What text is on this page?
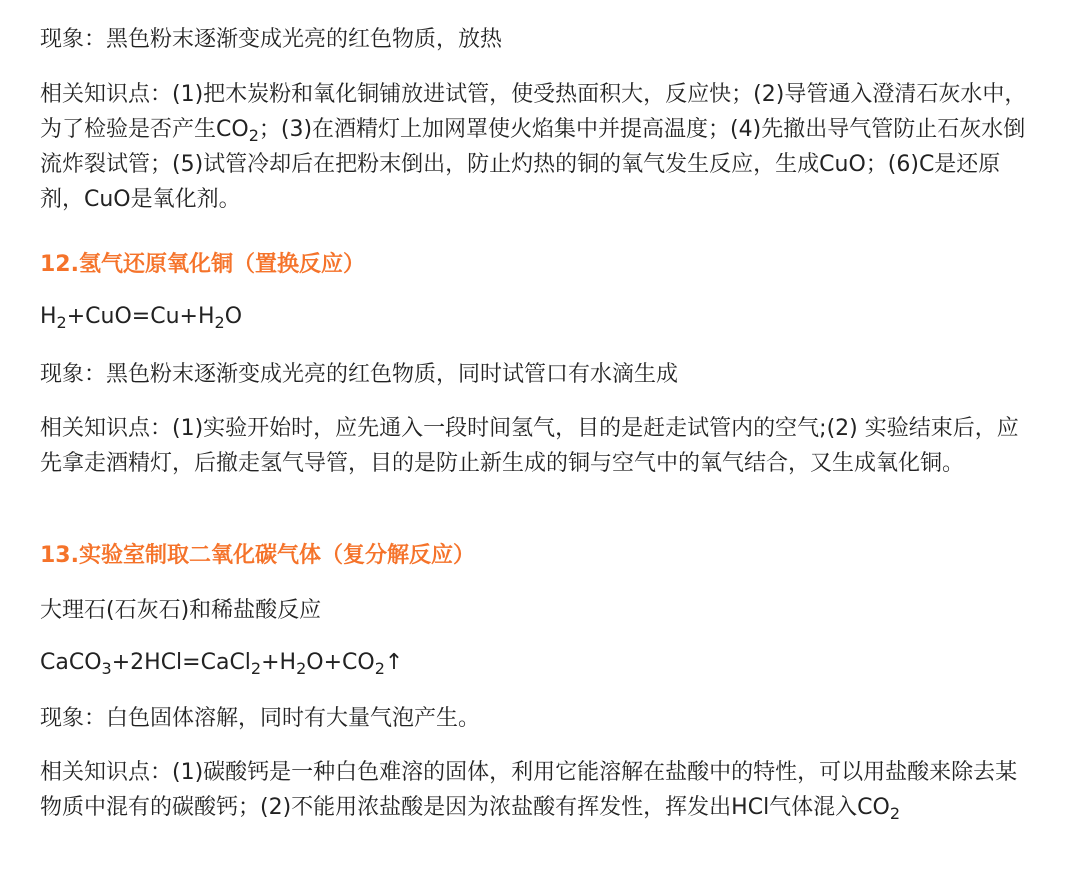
现象：黑色粉末逐渐变成光亮的红色物质，放热

相关知识点：(1)把木炭粉和氧化铜铺放进试管，使受热面积大，反应快；(2)导管通入澄清石灰水中，为了检验是否产生$CO_2$；(3)在酒精灯上加网罩使火焰集中并提高温度；(4)先撤出导气管防止石灰水倒流炸裂试管；(5)试管冷却后在把粉末倒出，防止灼热的铜的氧气发生反应，生成CuO；(6)C是还原剂，CuO是氧化剂。

12.氢气还原氧化铜（置换反应）

$H_2+CuO=Cu+H_2O$

现象：黑色粉末逐渐变成光亮的红色物质，同时试管口有水滴生成

相关知识点：(1)实验开始时，应先通入一段时间氢气，目的是赶走试管内的空气;(2) 实验结束后，应先拿走酒精灯，后撤走氢气导管，目的是防止新生成的铜与空气中的氧气结合，又生成氧化铜。

13.实验室制取二氧化碳气体（复分解反应）

大理石(石灰石)和稀盐酸反应

$CaCO_3+2HCl=CaCl_2+H_2O+CO_2↑$

现象：白色固体溶解，同时有大量气泡产生。

相关知识点：(1)碳酸钙是一种白色难溶的固体，利用它能溶解在盐酸中的特性，可以用盐酸来除去某物质中混有的碳酸钙；(2)不能用浓盐酸是因为浓盐酸有挥发性，挥发出HCl气体混入$CO_2$
